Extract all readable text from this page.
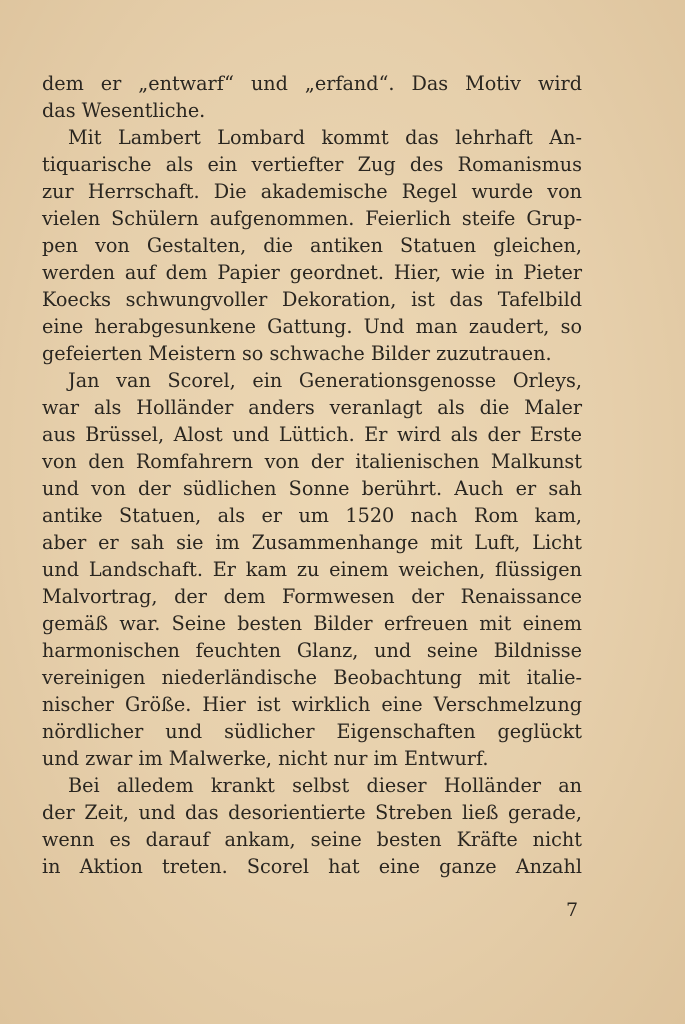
dem er „entwarf“ und „erfand“. Das Motiv wird
das Wesentliche.
Mit Lambert Lombard kommt das lehrhaft An-
tiquarische als ein vertiefter Zug des Romanismus
zur Herrschaft. Die akademische Regel wurde von
vielen Schülern aufgenommen. Feierlich steife Grup-
pen von Gestalten, die antiken Statuen gleichen,
werden auf dem Papier geordnet. Hier, wie in Pieter
Koecks schwungvoller Dekoration, ist das Tafelbild
eine herabgesunkene Gattung. Und man zaudert, so
gefeierten Meistern so schwache Bilder zuzutrauen.
Jan van Scorel, ein Generationsgenosse Orleys,
war als Holländer anders veranlagt als die Maler
aus Brüssel, Alost und Lüttich. Er wird als der Erste
von den Romfahrern von der italienischen Malkunst
und von der südlichen Sonne berührt. Auch er sah
antike Statuen, als er um 1520 nach Rom kam,
aber er sah sie im Zusammenhange mit Luft, Licht
und Landschaft. Er kam zu einem weichen, flüssigen
Malvortrag, der dem Formwesen der Renaissance
gemäß war. Seine besten Bilder erfreuen mit einem
harmonischen feuchten Glanz, und seine Bildnisse
vereinigen niederländische Beobachtung mit italie-
nischer Größe. Hier ist wirklich eine Verschmelzung
nördlicher und südlicher Eigenschaften geglückt
und zwar im Malwerke, nicht nur im Entwurf.
Bei alledem krankt selbst dieser Holländer an
der Zeit, und das desorientierte Streben ließ gerade,
wenn es darauf ankam, seine besten Kräfte nicht
in Aktion treten. Scorel hat eine ganze Anzahl
7
